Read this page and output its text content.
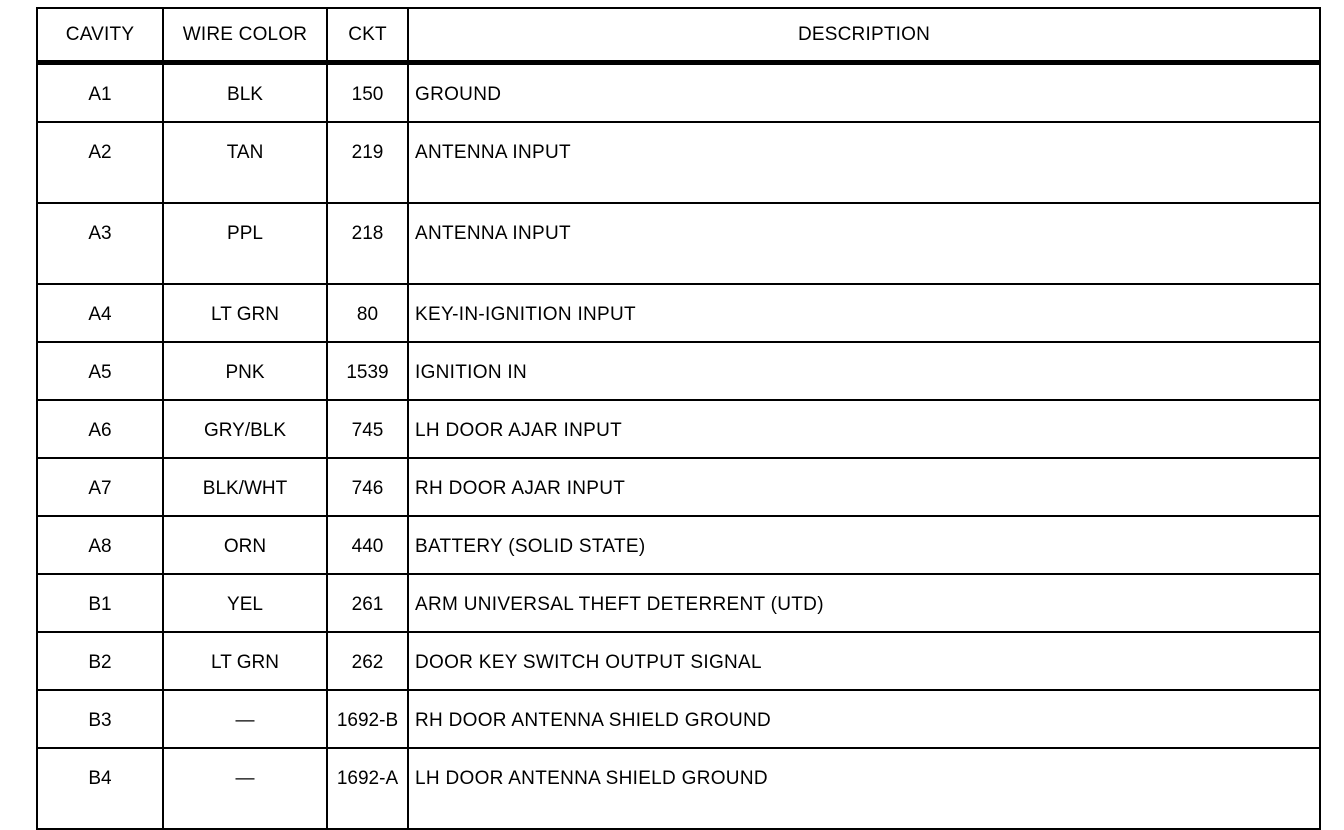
CAVITY	WIRE COLOR	CKT	DESCRIPTION
A1	BLK	150	GROUND
A2	TAN	219	ANTENNA INPUT
A3	PPL	218	ANTENNA INPUT
A4	LT GRN	80	KEY-IN-IGNITION INPUT
A5	PNK	1539	IGNITION IN
A6	GRY/BLK	745	LH DOOR AJAR INPUT
A7	BLK/WHT	746	RH DOOR AJAR INPUT
A8	ORN	440	BATTERY (SOLID STATE)
B1	YEL	261	ARM UNIVERSAL THEFT DETERRENT (UTD)
B2	LT GRN	262	DOOR KEY SWITCH OUTPUT SIGNAL
B3	—	1692-B	RH DOOR ANTENNA SHIELD GROUND
B4	—	1692-A	LH DOOR ANTENNA SHIELD GROUND
